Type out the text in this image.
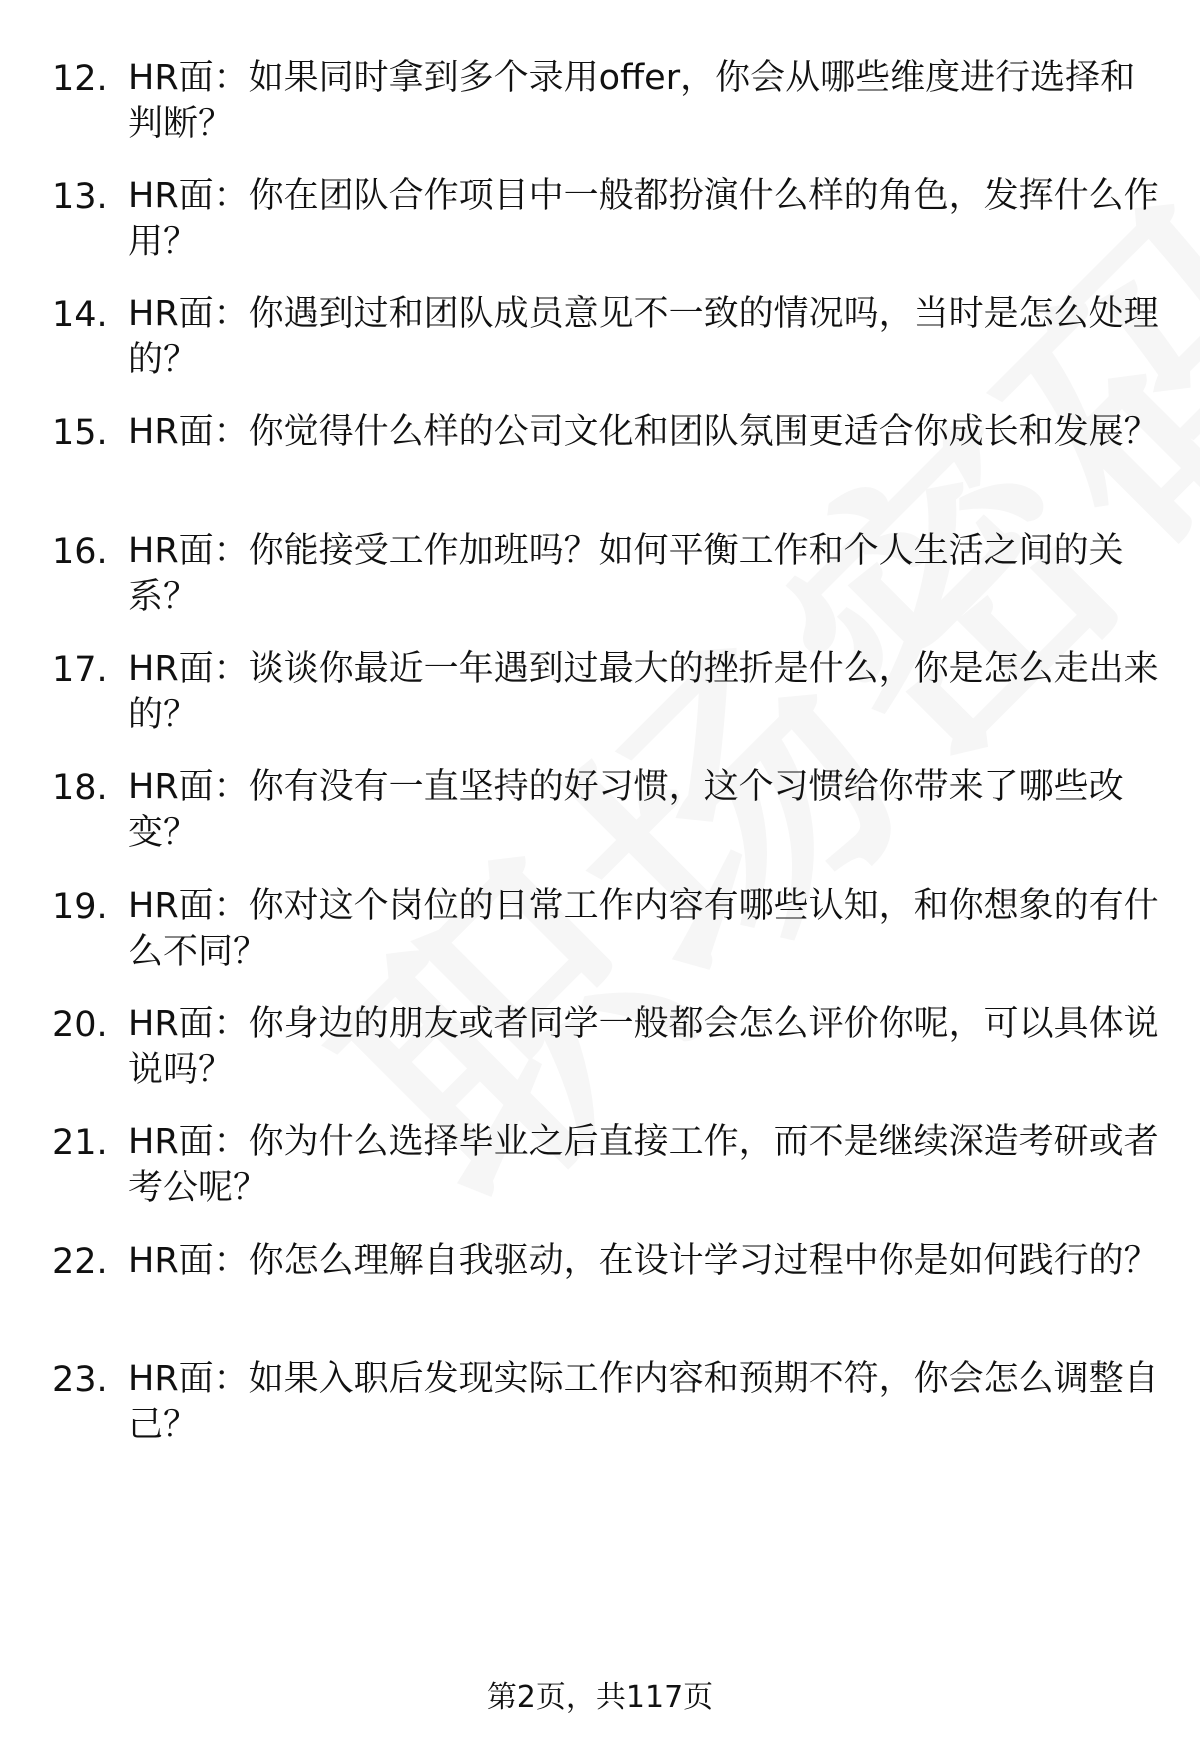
12. HR面：如果同时拿到多个录用offer，你会从哪些维度进行选择和判断？
13. HR面：你在团队合作项目中一般都扮演什么样的角色，发挥什么作用？
14. HR面：你遇到过和团队成员意见不一致的情况吗，当时是怎么处理的？
15. HR面：你觉得什么样的公司文化和团队氛围更适合你成长和发展？
16. HR面：你能接受工作加班吗？如何平衡工作和个人生活之间的关系？
17. HR面：谈谈你最近一年遇到过最大的挫折是什么，你是怎么走出来的？
18. HR面：你有没有一直坚持的好习惯，这个习惯给你带来了哪些改变？
19. HR面：你对这个岗位的日常工作内容有哪些认知，和你想象的有什么不同？
20. HR面：你身边的朋友或者同学一般都会怎么评价你呢，可以具体说说吗？
21. HR面：你为什么选择毕业之后直接工作，而不是继续深造考研或者考公呢？
22. HR面：你怎么理解自我驱动，在设计学习过程中你是如何践行的？
23. HR面：如果入职后发现实际工作内容和预期不符，你会怎么调整自己？
第2页，共117页
